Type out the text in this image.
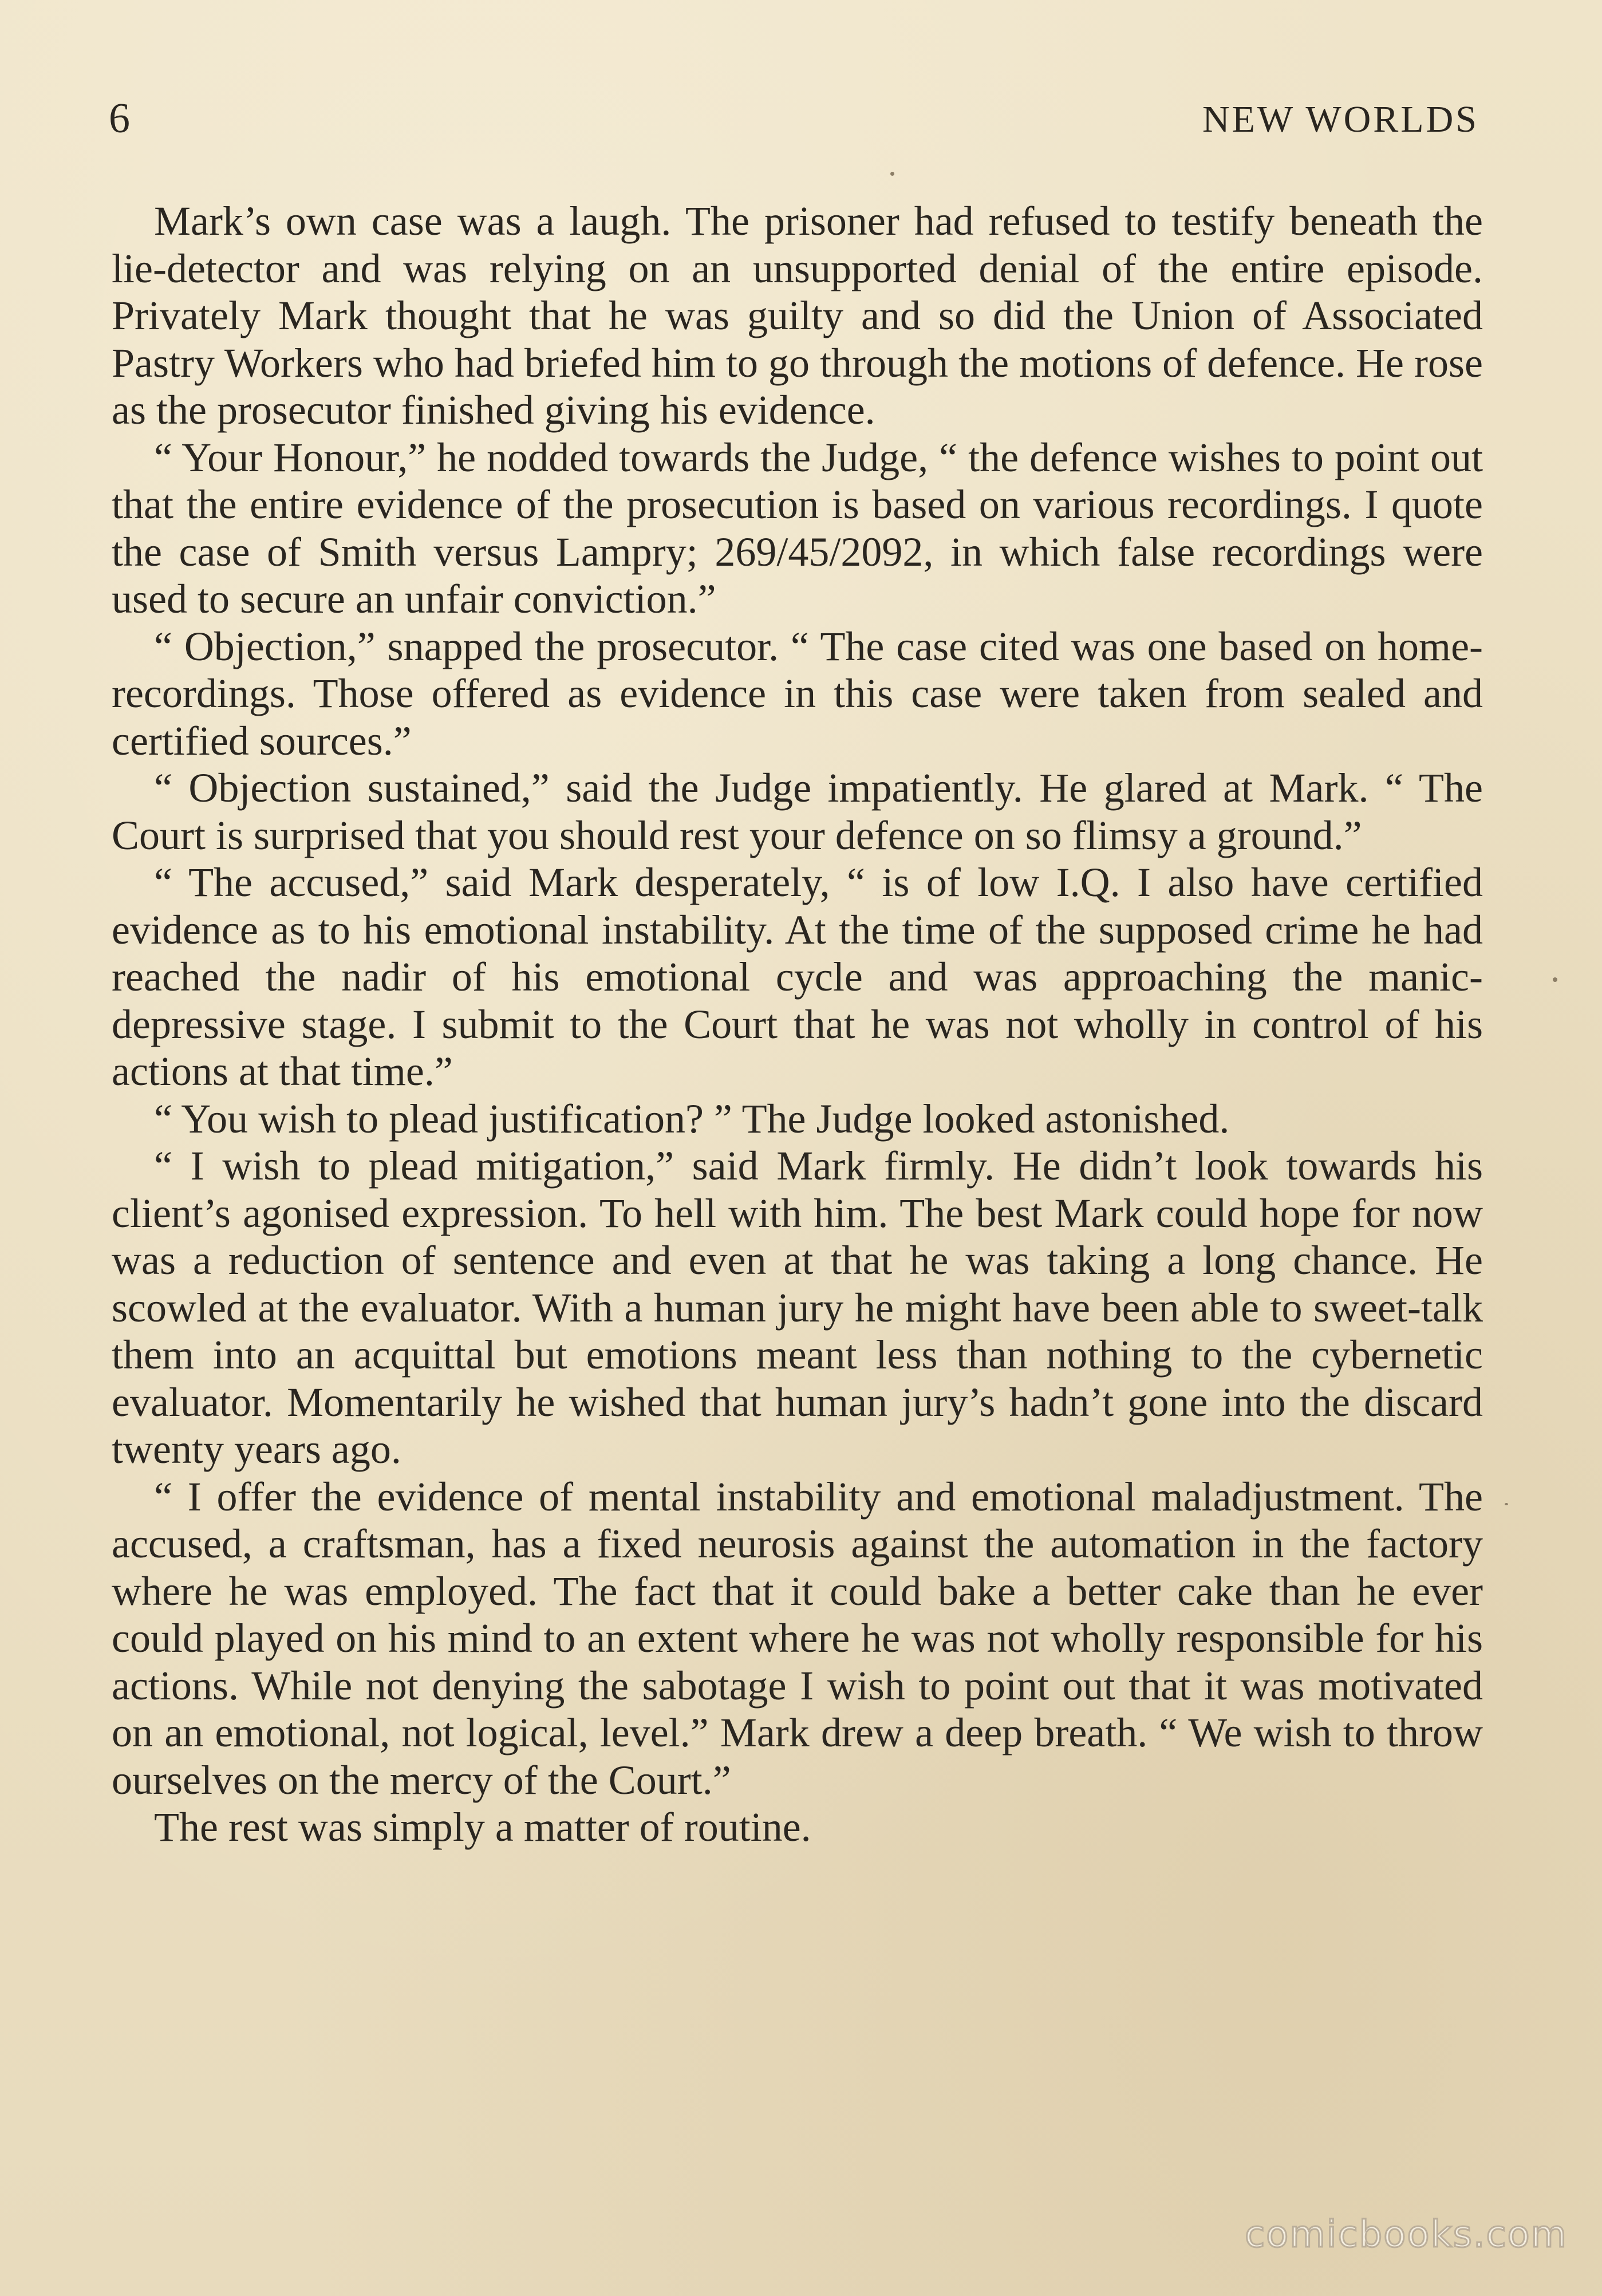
6	NEW WORLDS

Mark’s own case was a laugh. The prisoner had refused to testify beneath the lie-detector and was relying on an unsupported denial of the entire episode. Privately Mark thought that he was guilty and so did the Union of Associated Pastry Workers who had briefed him to go through the motions of defence. He rose as the prosecutor finished giving his evidence.

“ Your Honour,” he nodded towards the Judge, “ the defence wishes to point out that the entire evidence of the prosecution is based on various recordings. I quote the case of Smith versus Lampry; 269/45/2092, in which false recordings were used to secure an unfair conviction.”

“ Objection,” snapped the prosecutor. “ The case cited was one based on home-recordings. Those offered as evidence in this case were taken from sealed and certified sources.”

“ Objection sustained,” said the Judge impatiently. He glared at Mark. “ The Court is surprised that you should rest your defence on so flimsy a ground.”

“ The accused,” said Mark desperately, “ is of low I.Q. I also have certified evidence as to his emotional instability. At the time of the supposed crime he had reached the nadir of his emotional cycle and was approaching the manic-depressive stage. I submit to the Court that he was not wholly in control of his actions at that time.”

“ You wish to plead justification? ” The Judge looked astonished.

“ I wish to plead mitigation,” said Mark firmly. He didn’t look towards his client’s agonised expression. To hell with him. The best Mark could hope for now was a reduction of sentence and even at that he was taking a long chance. He scowled at the evaluator. With a human jury he might have been able to sweet-talk them into an acquittal but emotions meant less than nothing to the cybernetic evaluator. Momentarily he wished that human jury’s hadn’t gone into the discard twenty years ago.

“ I offer the evidence of mental instability and emotional maladjustment. The accused, a craftsman, has a fixed neurosis against the automation in the factory where he was employed. The fact that it could bake a better cake than he ever could played on his mind to an extent where he was not wholly responsible for his actions. While not denying the sabotage I wish to point out that it was motivated on an emotional, not logical, level.” Mark drew a deep breath. “ We wish to throw ourselves on the mercy of the Court.”

The rest was simply a matter of routine.

comicbooks.com
